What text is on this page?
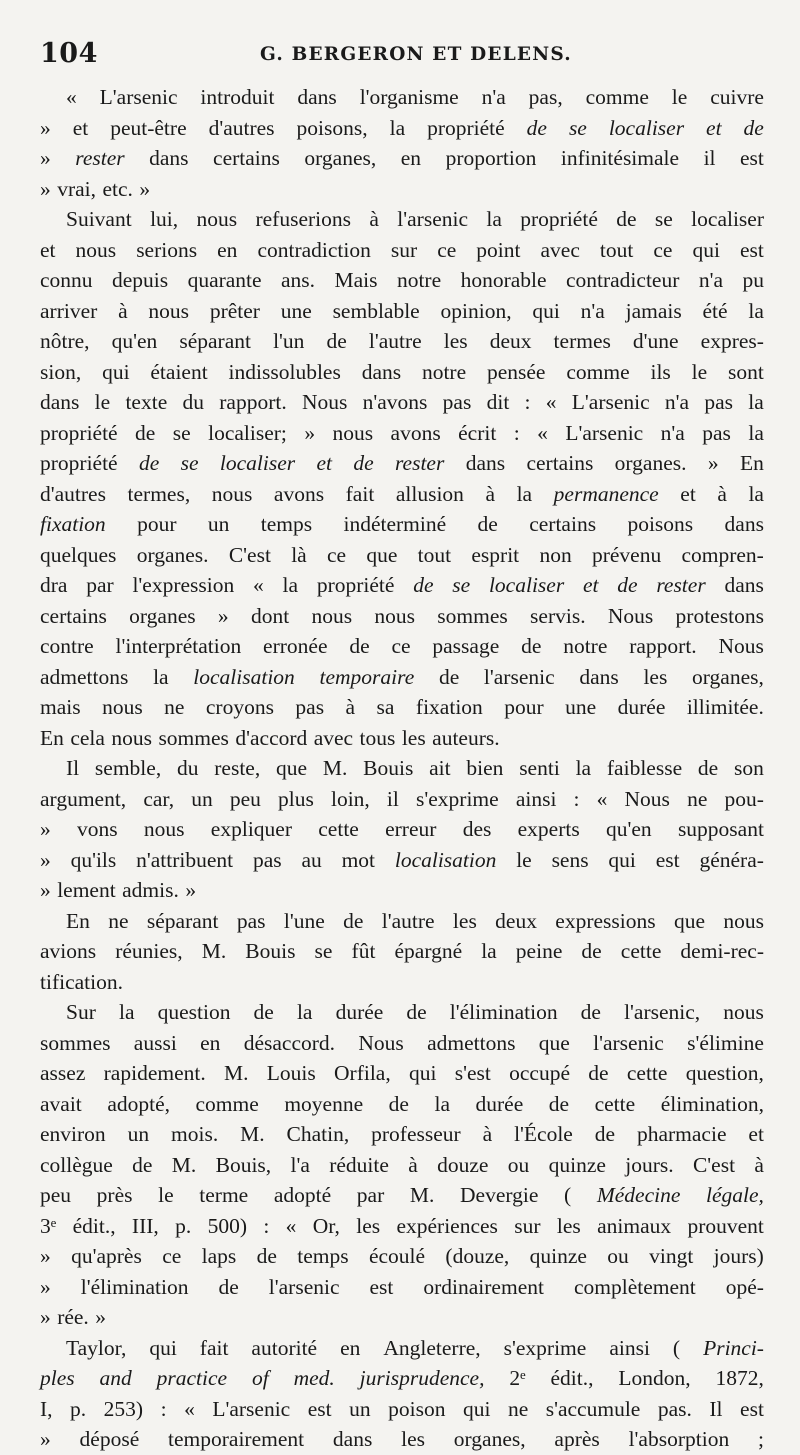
104	G. BERGERON ET DELENS.
« L'arsenic introduit dans l'organisme n'a pas, comme le cuivre
» et peut-être d'autres poisons, la propriété de se localiser et de
» rester dans certains organes, en proportion infinitésimale il est
» vrai, etc. »
Suivant lui, nous refuserions à l'arsenic la propriété de se localiser
et nous serions en contradiction sur ce point avec tout ce qui est
connu depuis quarante ans. Mais notre honorable contradicteur n'a pu
arriver à nous prêter une semblable opinion, qui n'a jamais été la
nôtre, qu'en séparant l'un de l'autre les deux termes d'une expres-
sion, qui étaient indissolubles dans notre pensée comme ils le sont
dans le texte du rapport. Nous n'avons pas dit : « L'arsenic n'a pas la
propriété de se localiser; » nous avons écrit : « L'arsenic n'a pas la
propriété de se localiser et de rester dans certains organes. » En
d'autres termes, nous avons fait allusion à la permanence et à la
fixation pour un temps indéterminé de certains poisons dans
quelques organes. C'est là ce que tout esprit non prévenu compren-
dra par l'expression « la propriété de se localiser et de rester dans
certains organes » dont nous nous sommes servis. Nous protestons
contre l'interprétation erronée de ce passage de notre rapport. Nous
admettons la localisation temporaire de l'arsenic dans les organes,
mais nous ne croyons pas à sa fixation pour une durée illimitée.
En cela nous sommes d'accord avec tous les auteurs.
Il semble, du reste, que M. Bouis ait bien senti la faiblesse de son
argument, car, un peu plus loin, il s'exprime ainsi : « Nous ne pou-
» vons nous expliquer cette erreur des experts qu'en supposant
» qu'ils n'attribuent pas au mot localisation le sens qui est généra-
» lement admis. »
En ne séparant pas l'une de l'autre les deux expressions que nous
avions réunies, M. Bouis se fût épargné la peine de cette demi-rec-
tification.
Sur la question de la durée de l'élimination de l'arsenic, nous
sommes aussi en désaccord. Nous admettons que l'arsenic s'élimine
assez rapidement. M. Louis Orfila, qui s'est occupé de cette question,
avait adopté, comme moyenne de la durée de cette élimination,
environ un mois. M. Chatin, professeur à l'École de pharmacie et
collègue de M. Bouis, l'a réduite à douze ou quinze jours. C'est à
peu près le terme adopté par M. Devergie ( Médecine légale,
3ᵉ édit., III, p. 500) : « Or, les expériences sur les animaux prouvent
» qu'après ce laps de temps écoulé (douze, quinze ou vingt jours)
» l'élimination de l'arsenic est ordinairement complètement opé-
» rée. »
Taylor, qui fait autorité en Angleterre, s'exprime ainsi ( Princi-
ples and practice of med. jurisprudence, 2ᵉ édit., London, 1872,
I, p. 253) : « L'arsenic est un poison qui ne s'accumule pas. Il est
» déposé temporairement dans les organes, après l'absorption ;
